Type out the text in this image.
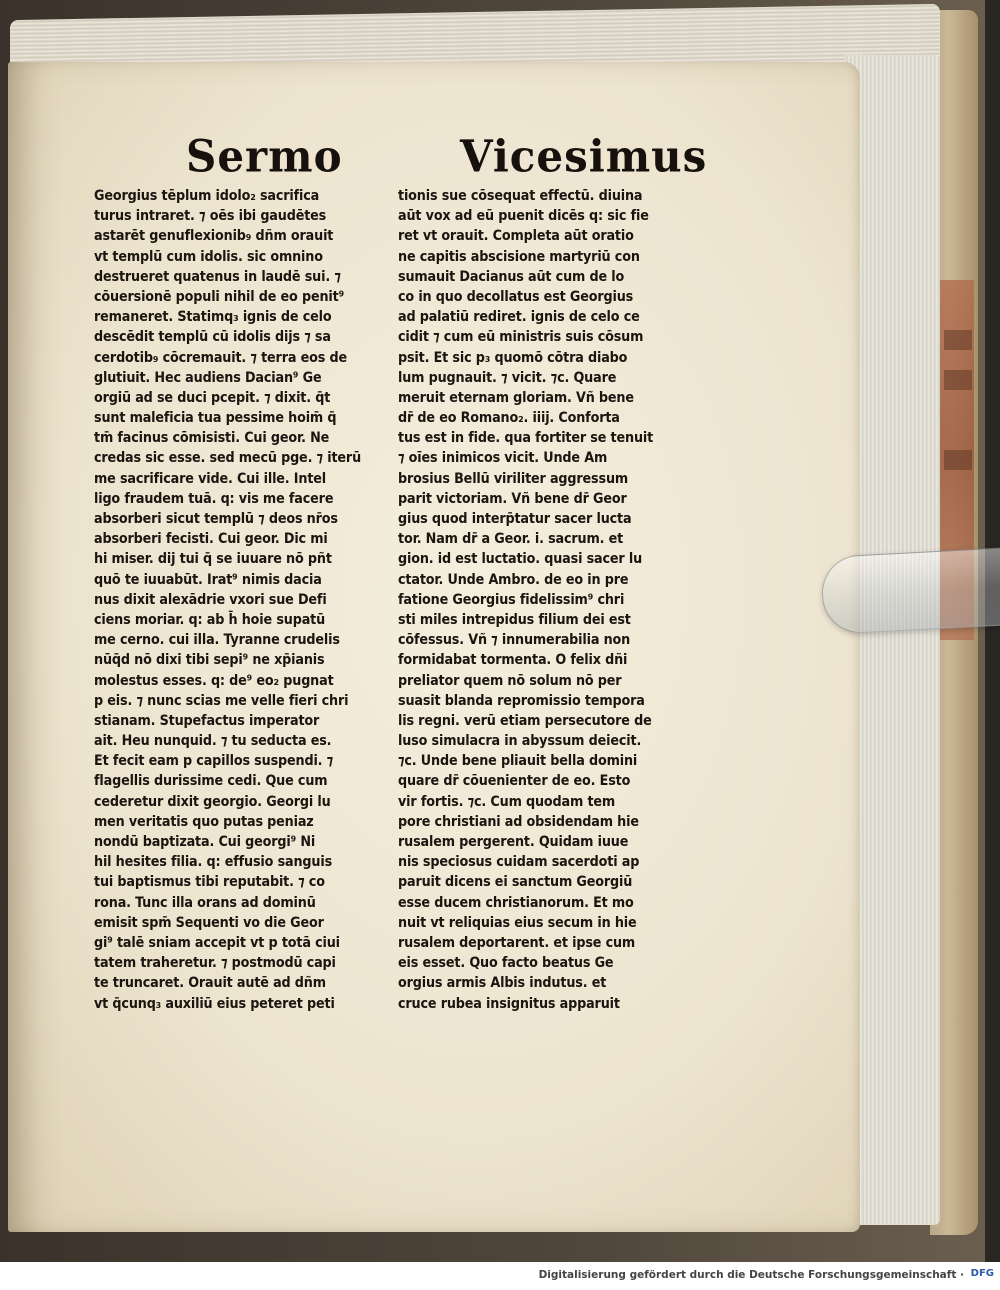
Sermo	Vicesimus
Georgius tēplum idolo₂ sacrifica
turus intraret. ⁊ oēs ibi gaudētes
astarēt genuflexionib₉ dñm orauit
vt templū cum idolis. sic omnino
destrueret quatenus in laudē sui. ⁊
cōuersionē populi nihil de eo penit⁹
remaneret. Statimq₃ ignis de celo
descēdit templū cū idolis dijs ⁊ sa
cerdotib₉ cōcremauit. ⁊ terra eos de
glutiuit. Hec audiens Dacian⁹ Ge
orgiū ad se duci pcepit. ⁊ dixit. q̄t
sunt maleficia tua pessime hoim̄ q̄
tm̄ facinus cōmisisti. Cui geor. Ne
credas sic esse. sed mecū pge. ⁊ iterū
me sacrificare vide. Cui ille. Intel
ligo fraudem tuā. q: vis me facere
absorberi sicut templū ⁊ deos nr̄os
absorberi fecisti. Cui geor. Dic mi
hi miser. dij tui q̄ se iuuare nō pñt
quō te iuuabūt. Irat⁹ nimis dacia
nus dixit alexādrie vxori sue Defi
ciens moriar. q: ab h̄ hoie supatū
me cerno. cui illa. Tyranne crudelis
nūq̄d nō dixi tibi sepi⁹ ne xp̄ianis
molestus esses. q: de⁹ eo₂ pugnat
p eis. ⁊ nunc scias me velle fieri chri
stianam. Stupefactus imperator
ait. Heu nunquid. ⁊ tu seducta es.
Et fecit eam p capillos suspendi. ⁊
flagellis durissime cedi. Que cum
cederetur dixit georgio. Georgi lu
men veritatis quo putas peniaz
nondū baptizata. Cui georgi⁹ Ni
hil hesites filia. q: effusio sanguis
tui baptismus tibi reputabit. ⁊ co
rona. Tunc illa orans ad dominū
emisit spm̄ Sequenti vo die Geor
gi⁹ talē sniam accepit vt p totā ciui
tatem traheretur. ⁊ postmodū capi
te truncaret. Orauit autē ad dñm
vt q̄cunq₃ auxiliū eius peteret peti
tionis sue cōsequat effectū. diuina
aūt vox ad eū puenit dicēs q: sic fie
ret vt orauit. Completa aūt oratio
ne capitis abscisione martyriū con
sumauit Dacianus aūt cum de lo
co in quo decollatus est Georgius
ad palatiū rediret. ignis de celo ce
cidit ⁊ cum eū ministris suis cōsum
psit. Et sic p₃ quomō cōtra diabo
lum pugnauit. ⁊ vicit. ⁊c. Quare
meruit eternam gloriam. Vñ bene
dr̄ de eo Romano₂. iiij. Conforta
tus est in fide. qua fortiter se tenuit
⁊ oīes inimicos vicit. Unde Am
brosius Bellū viriliter aggressum
parit victoriam. Vñ bene dr̄ Geor
gius quod interp̄tatur sacer lucta
tor. Nam dr̄ a Geor. i. sacrum. et
gion. id est luctatio. quasi sacer lu
ctator. Unde Ambro. de eo in pre
fatione Georgius fidelissim⁹ chri
sti miles intrepidus filium dei est
cōfessus. Vñ ⁊ innumerabilia non
formidabat tormenta. O felix dñi
preliator quem nō solum nō per
suasit blanda repromissio tempora
lis regni. verū etiam persecutore de
luso simulacra in abyssum deiecit.
⁊c. Unde bene pliauit bella domini
quare dr̄ cōuenienter de eo. Esto
vir fortis. ⁊c. Cum quodam tem
pore christiani ad obsidendam hie
rusalem pergerent. Quidam iuue
nis speciosus cuidam sacerdoti ap
paruit dicens ei sanctum Georgiū
esse ducem christianorum. Et mo
nuit vt reliquias eius secum in hie
rusalem deportarent. et ipse cum
eis esset. Quo facto beatus Ge
orgius armis Albis indutus. et
cruce rubea insignitus apparuit
Digitalisierung gefördert durch die Deutsche Forschungsgemeinschaft · DFG
